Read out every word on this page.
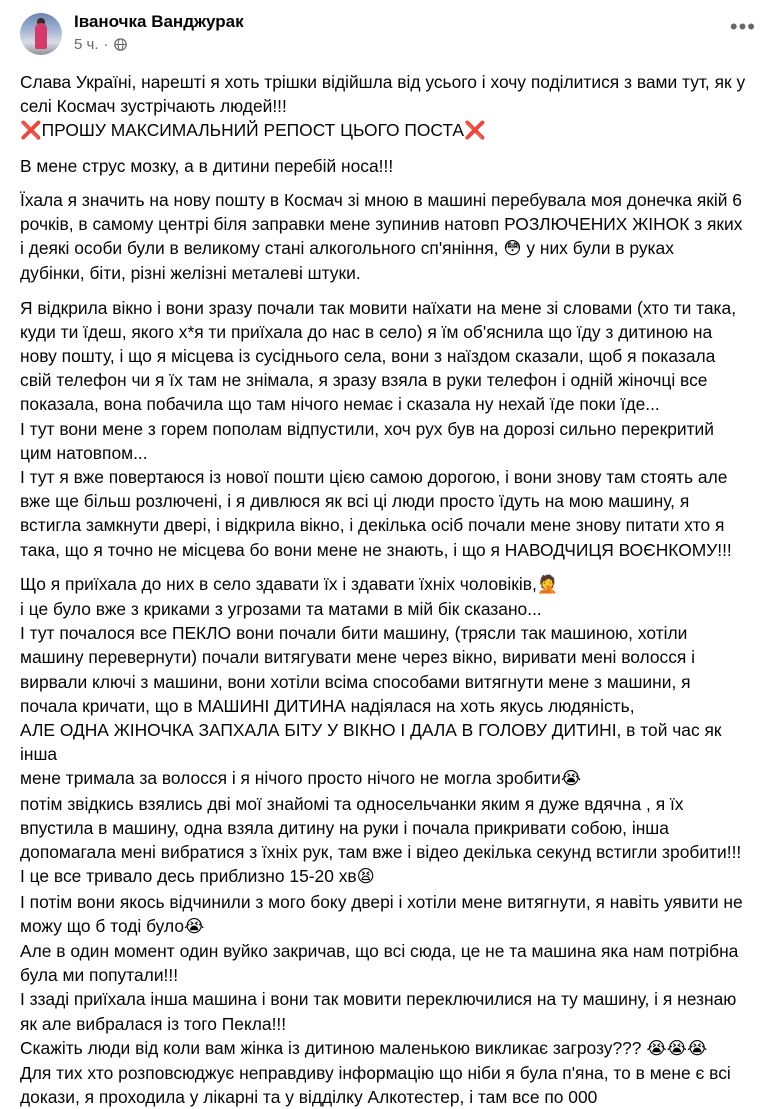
Іваночка Ванджурак
5 ч. ·
•••

Слава Україні, нарешті я хоть трішки відійшла від усього і хочу поділитися з вами тут, як у

селі Космач зустрічають людей!!!

❌ПРОШУ МАКСИМАЛЬНИЙ РЕПОСТ ЦЬОГО ПОСТА❌

В мене струс мозку, а в дитини перебій носа!!!

Їхала я значить на нову пошту в Космач зі мною в машині перебувала моя донечка якій 6

рочків, в самому центрі біля заправки мене зупинив натовп РОЗЛЮЧЕНИХ ЖІНОК з яких

і деякі особи були в великому стані алкогольного сп'яніння, 😳 у них були в руках

дубінки, біти, різні желізні металеві штуки.

Я відкрила вікно і вони зразу почали так мовити наїхати на мене зі словами (хто ти така,

куди ти їдеш, якого х*я ти приїхала до нас в село) я їм об'яснила що їду з дитиною на

нову пошту, і що я місцева із сусіднього села, вони з наїздом сказали, щоб я показала

свій телефон чи я їх там не знімала, я зразу взяла в руки телефон і одній жіночці все

показала, вона побачила що там нічого немає і сказала ну нехай їде поки їде...

І тут вони мене з горем пополам відпустили, хоч рух був на дорозі сильно перекритий

цим натовпом...

І тут я вже повертаюся із нової пошти цією самою дорогою, і вони знову там стоять але

вже ще більш розлючені, і я дивлюся як всі ці люди просто їдуть на мою машину, я

встигла замкнути двері, і відкрила вікно, і декілька осіб почали мене знову питати хто я

така, що я точно не місцева бо вони мене не знають, і що я НАВОДЧИЦЯ ВОЄНКОМУ!!!

Що я приїхала до них в село здавати їх і здавати їхніх чоловіків,🤦

і це було вже з криками з угрозами та матами в мій бік сказано...

І тут почалося все ПЕКЛО вони почали бити машину, (трясли так машиною, хотіли

машину перевернути) почали витягувати мене через вікно, виривати мені волосся і

вирвали ключі з машини, вони хотіли всіма способами витягнути мене з машини, я

почала кричати, що в МАШИНІ ДИТИНА надіялася на хоть якусь людяність,

АЛЕ ОДНА ЖІНОЧКА ЗАПХАЛА БІТУ У ВІКНО І ДАЛА В ГОЛОВУ ДИТИНІ, в той час як інша

мене тримала за волосся і я нічого просто нічого не могла зробити😭

потім звідкись взялись дві мої знайомі та односельчанки яким я дуже вдячна , я їх

впустила в машину, одна взяла дитину на руки і почала прикривати собою, інша

допомагала мені вибратися з їхніх рук, там вже і відео декілька секунд встигли зробити!!!

І це все тривало десь приблизно 15-20 хв😫

І потім вони якось відчинили з мого боку двері і хотіли мене витягнути, я навіть уявити не

можу що б тоді було😭

Але в один момент один вуйко закричав, що всі сюда, це не та машина яка нам потрібна

була ми попутали!!!

І ззаді приїхала інша машина і вони так мовити переключилися на ту машину, і я незнаю

як але вибралася із того Пекла!!!

Скажіть люди від коли вам жінка із дитиною маленькою викликає загрозу??? 😭😭😭

Для тих хто розповсюджує неправдиву інформацію що ніби я була п'яна, то в мене є всі

докази, я проходила у лікарні та у відділку Алкотестер, і там все по 000
